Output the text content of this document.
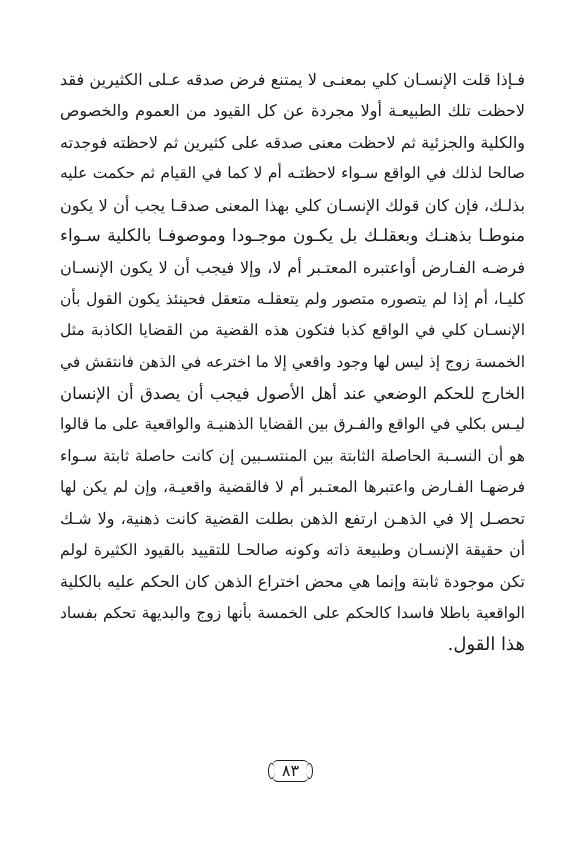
فـإذا قلت الإنسـان كلي بمعنـى لا يمتنع فرض صدقه عـلى الكثيرين فقد
لاحظت تلك الطبيعـة أولا مجردة عن كل القيود من العموم والخصوص
والكلية والجزئية ثم لاحظت معنى صدقه على كثيرين ثم لاحظته فوجدته
صالحا لذلك في الواقع سـواء لاحظتـه أم لا كما في القيام ثم حكمت عليه
بذلـك، فإن كان قولك الإنسـان كلي بهذا المعنى صدقـا يجب أن لا يكون
منوطـا بذهنـك وبعقلـك بل يكـون موجـودا وموصوفـا بالكلية سـواء
فرضـه الفـارض أواعتبره المعتـبر أم لا، وإلا فيجب أن لا يكون الإنسـان
كليـا، أم إذا لم يتصوره متصور ولم يتعقلـه متعقل فحينئذ يكون القول بأن
الإنسـان كلي في الواقع كذبا فتكون هذه القضية من القضايا الكاذبة مثل
الخمسة زوج إذ ليس لها وجود واقعي إلا ما اخترعه في الذهن فانتقش في
الخارج للحكم الوضعي عند أهل الأصول فيجب أن يصدق أن الإنسان
ليـس بكلي في الواقع والفـرق بين القضايا الذهنيـة والواقعية على ما قالوا
هو أن النسـبة الحاصلة الثابتة بين المنتسـبين إن كانت حاصلة ثابتة سـواء
فرضهـا الفـارض واعتبرها المعتـبر أم لا فالقضية واقعيـة، وإن لم يكن لها
تحصـل إلا في الذهـن ارتفع الذهن بطلت القضية كانت ذهنية، ولا شـك
أن حقيقة الإنسـان وطبيعة ذاته وكونه صالحـا للتقييد بالقيود الكثيرة لولم
تكن موجودة ثابتة وإنما هي محض اختراع الذهن كان الحكم عليه بالكلية
الواقعية باطلا فاسدا كالحكم على الخمسة بأنها زوج والبديهة تحكم بفساد
هذا القول.
٨٣
